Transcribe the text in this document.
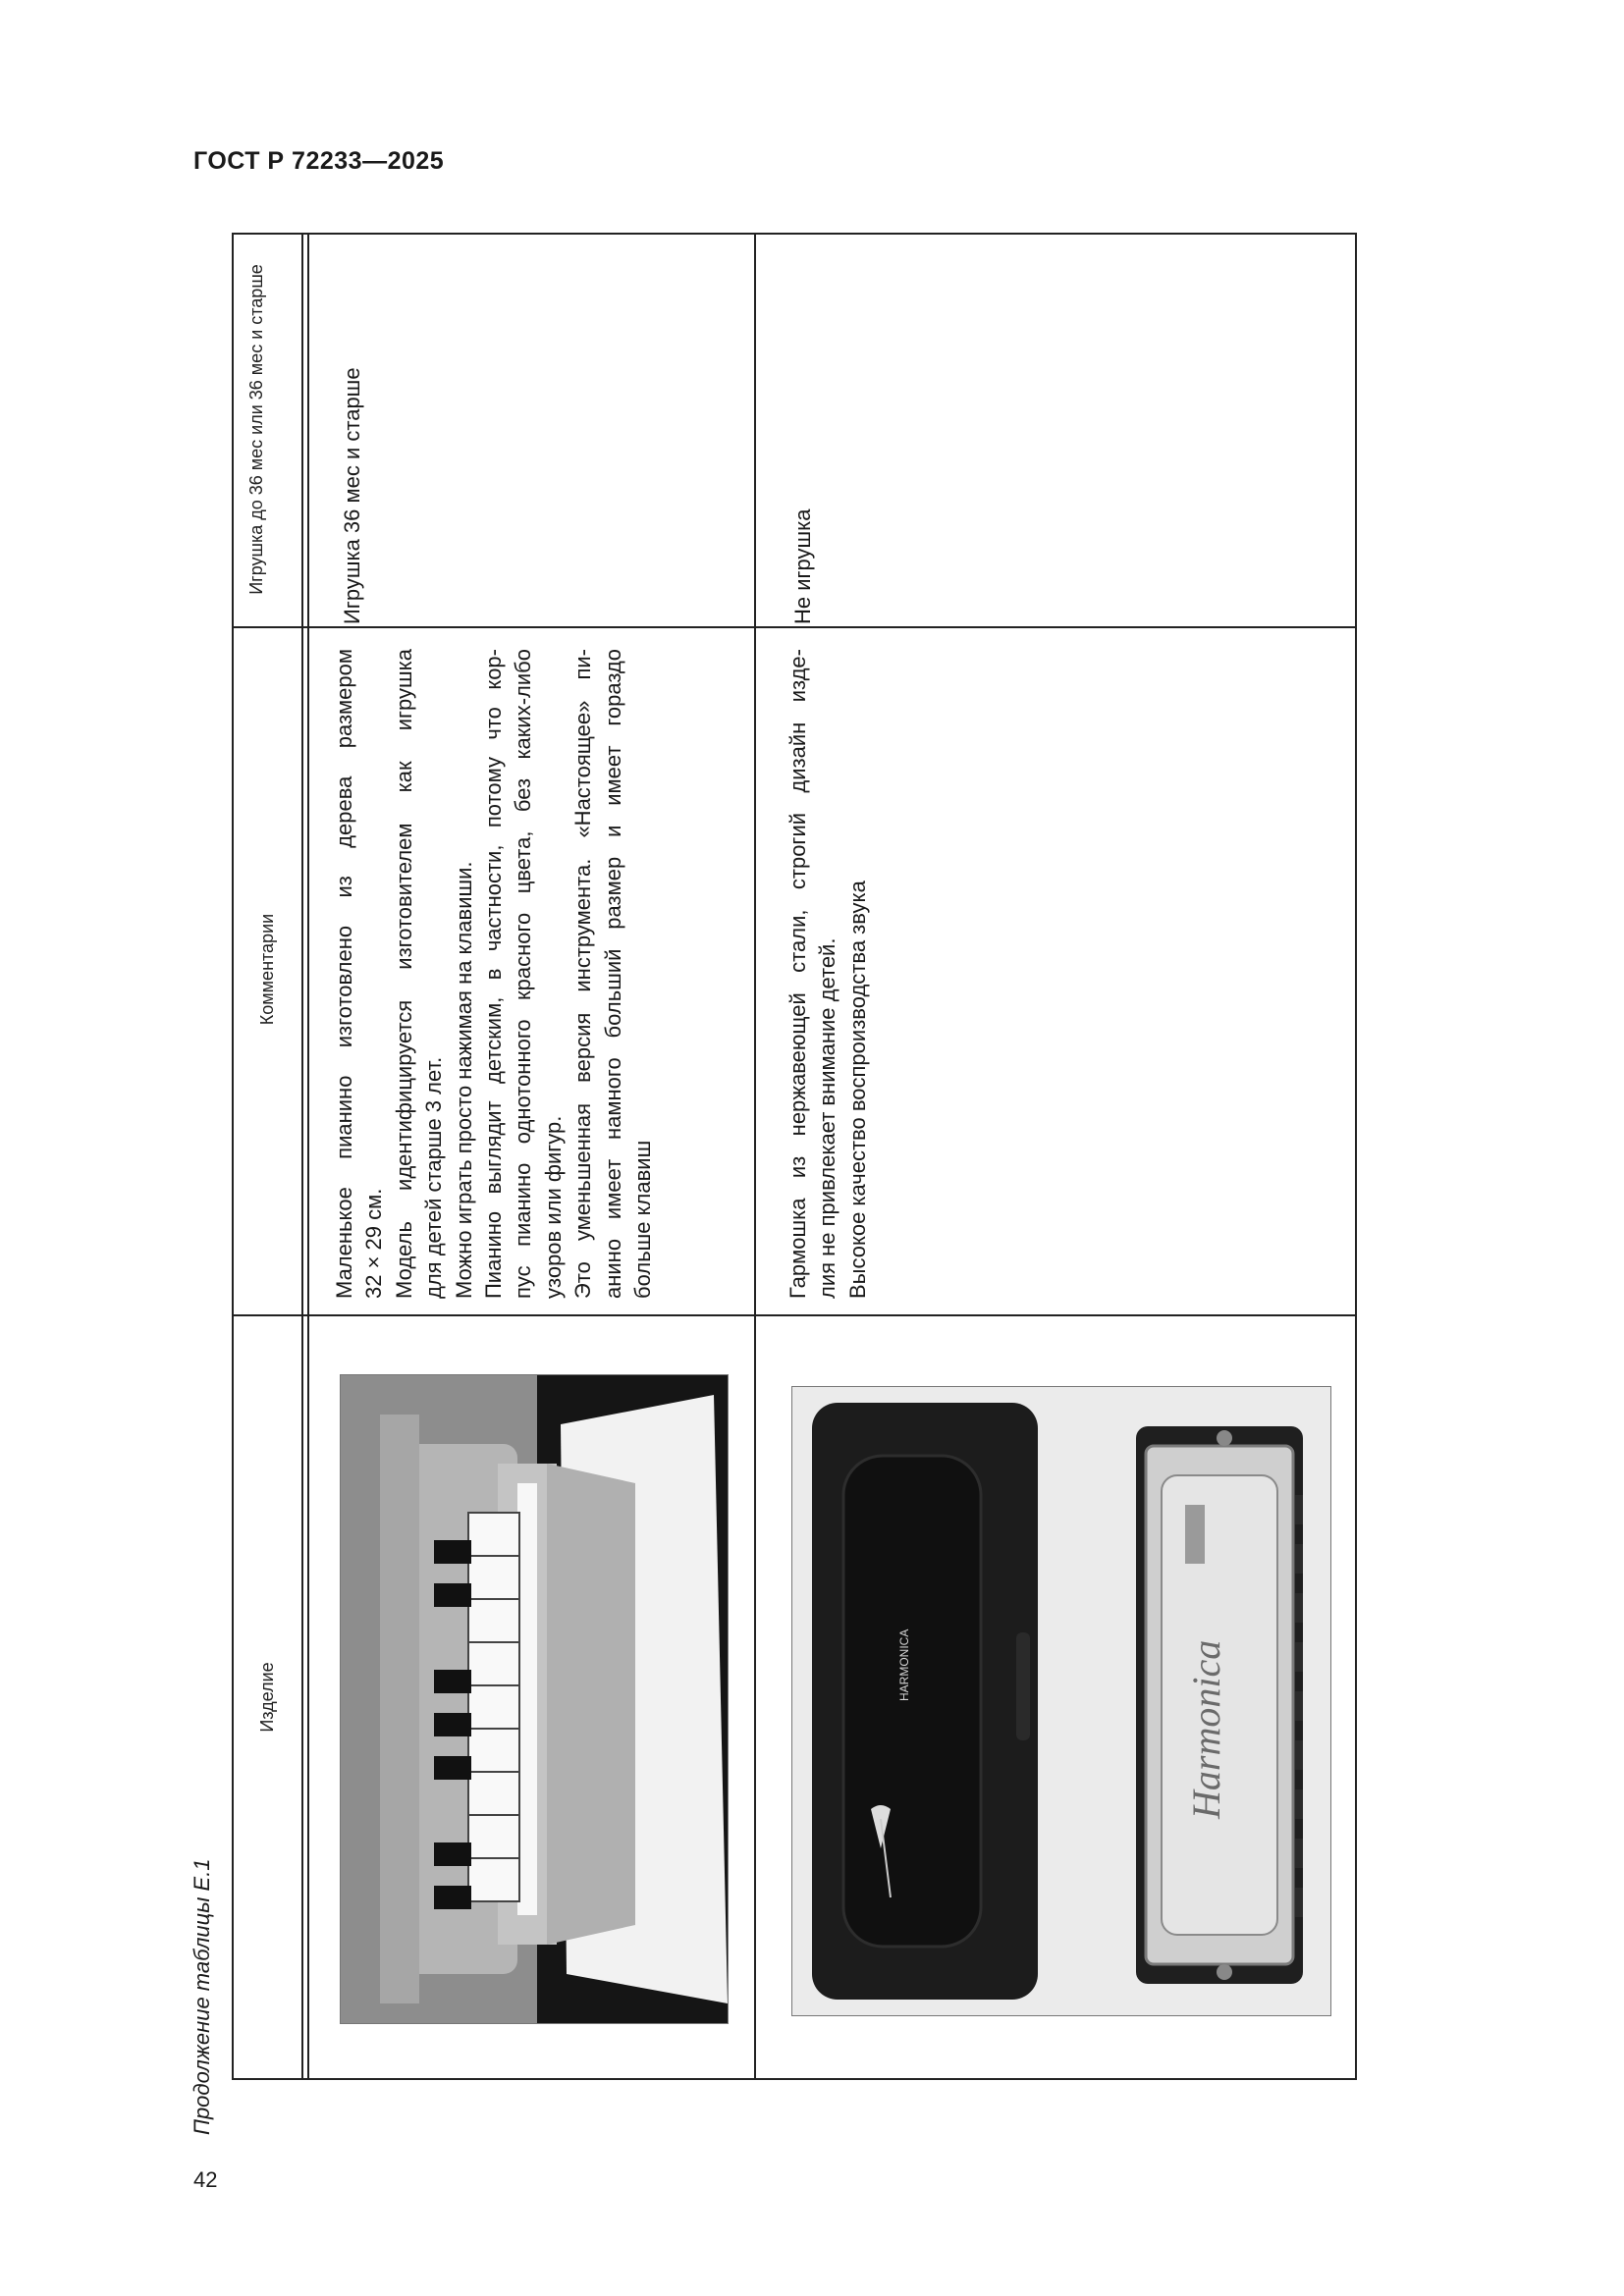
ГОСТ Р 72233—2025
42
Продолжение таблицы Е.1
Игрушка до 36 мес или 36 мес и старше
Комментарии
Изделие
Игрушка 36 мес и старше
Маленькое пианино изготовлено из дерева размером 32 × 29 см. Модель идентифицируется изготовителем как игрушка для детей старше 3 лет. Можно играть просто нажимая на клавиши. Пианино выглядит детским, в частности, потому что кор- пус пианино однотонного красного цвета, без каких-либо узоров или фигур. Это уменьшенная версия инструмента. «Настоящее» пи- анино имеет намного больший размер и имеет гораздо больше клавиш
Не игрушка
Гармошка из нержавеющей стали, строгий дизайн изде- лия не привлекает внимание детей. Высокое качество воспроизводства звука
HARMONICA	Harmonica
